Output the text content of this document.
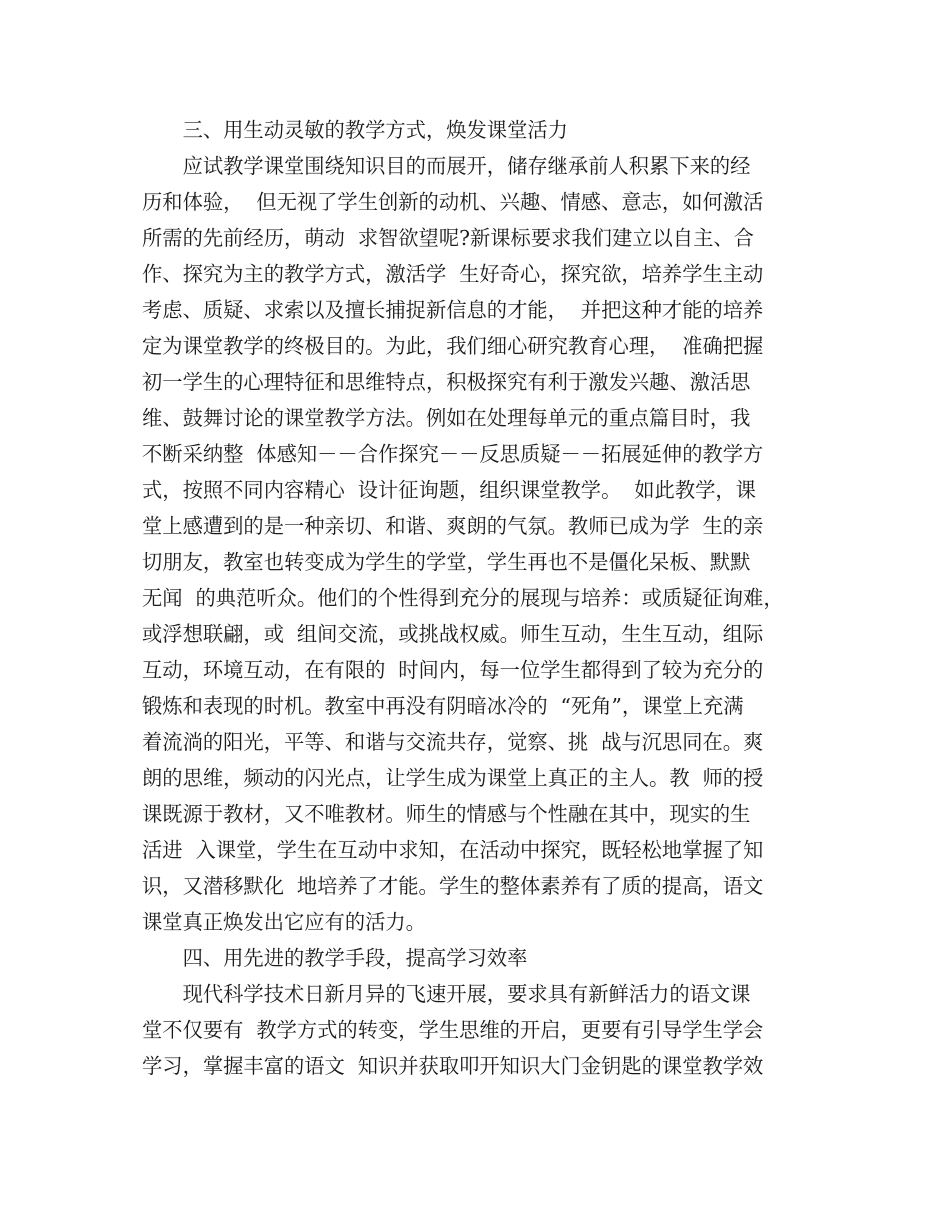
　　三、用生动灵敏的教学方式，焕发课堂活力

　　应试教学课堂围绕知识目的而展开，储存继承前人积累下来的经

历和体验，  但无视了学生创新的动机、兴趣、情感、意志，如何激活

所需的先前经历，萌动  求智欲望呢?新课标要求我们建立以自主、合

作、探究为主的教学方式，激活学  生好奇心，探究欲，培养学生主动

考虑、质疑、求索以及擅长捕捉新信息的才能，  并把这种才能的培养

定为课堂教学的终极目的。为此，我们细心研究教育心理，  准确把握

初一学生的心理特征和思维特点，积极探究有利于激发兴趣、激活思

维、鼓舞讨论的课堂教学方法。例如在处理每单元的重点篇目时，我

不断采纳整  体感知－－合作探究－－反思质疑－－拓展延伸的教学方

式，按照不同内容精心  设计征询题，组织课堂教学。  如此教学，课

堂上感遭到的是一种亲切、和谐、爽朗的气氛。教师已成为学  生的亲

切朋友，教室也转变成为学生的学堂，学生再也不是僵化呆板、默默

无闻  的典范听众。他们的个性得到充分的展现与培养：或质疑征询难，

或浮想联翩，或  组间交流，或挑战权威。师生互动，生生互动，组际

互动，环境互动，在有限的  时间内，每一位学生都得到了较为充分的

锻炼和表现的时机。教室中再没有阴暗冰冷的  “死角”，课堂上充满

着流淌的阳光，平等、和谐与交流共存，觉察、挑  战与沉思同在。爽

朗的思维，频动的闪光点，让学生成为课堂上真正的主人。教  师的授

课既源于教材，又不唯教材。师生的情感与个性融在其中，现实的生

活进  入课堂，学生在互动中求知，在活动中探究，既轻松地掌握了知

识，又潜移默化  地培养了才能。学生的整体素养有了质的提高，语文

课堂真正焕发出它应有的活力。

　　四、用先进的教学手段，提高学习效率

　　现代科学技术日新月异的飞速开展，要求具有新鲜活力的语文课

堂不仅要有  教学方式的转变，学生思维的开启，更要有引导学生学会

学习，掌握丰富的语文  知识并获取叩开知识大门金钥匙的课堂教学效
